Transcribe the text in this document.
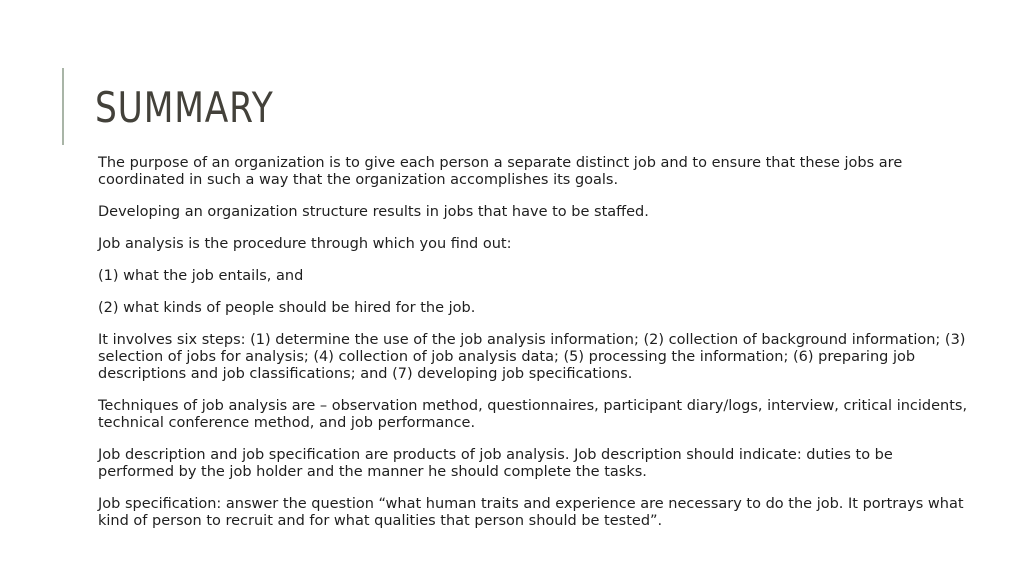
SUMMARY

The purpose of an organization is to give each person a separate distinct job and to ensure that these jobs are coordinated in such a way that the organization accomplishes its goals.

Developing an organization structure results in jobs that have to be staffed.

Job analysis is the procedure through which you find out:

(1) what the job entails, and

(2) what kinds of people should be hired for the job.

It involves six steps: (1) determine the use of the job analysis information; (2) collection of background information; (3) selection of jobs for analysis; (4) collection of job analysis data; (5) processing the information; (6) preparing job descriptions and job classifications; and (7) developing job specifications.

Techniques of job analysis are – observation method, questionnaires, participant diary/logs, interview, critical incidents, technical conference method, and job performance.

Job description and job specification are products of job analysis. Job description should indicate: duties to be performed by the job holder and the manner he should complete the tasks.

Job specification: answer the question “what human traits and experience are necessary to do the job. It portrays what kind of person to recruit and for what qualities that person should be tested”.
